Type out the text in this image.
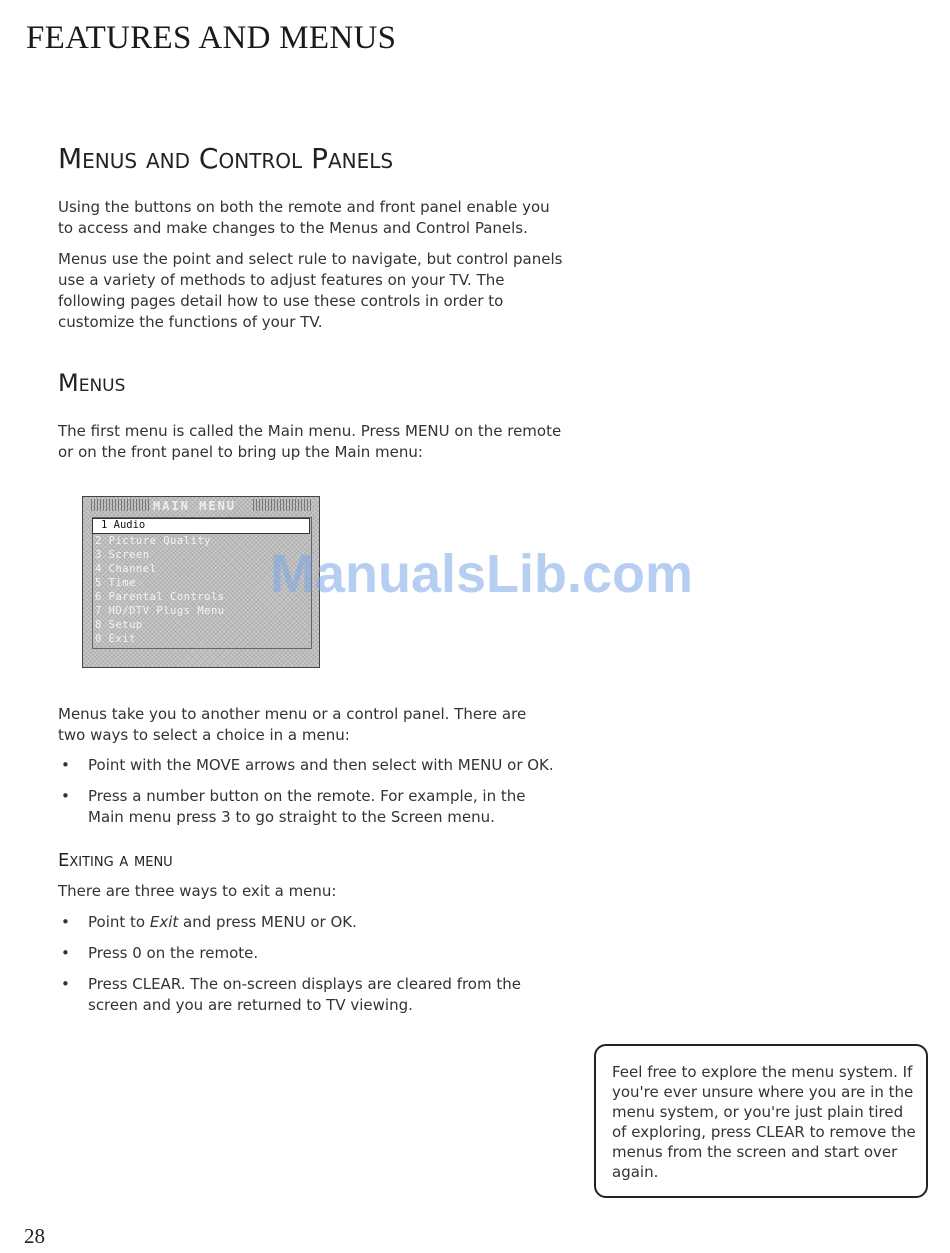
FEATURES AND MENUS
Menus and Control Panels
Using the buttons on both the remote and front panel enable you to access and make changes to the Menus and Control Panels.
Menus use the point and select rule to navigate, but control panels use a variety of methods to adjust features on your TV. The following pages detail how to use these controls in order to customize the functions of your TV.
Menus
The first menu is called the Main menu. Press MENU on the remote or on the front panel to bring up the Main menu:
MAIN MENU
1 Audio
2 Picture Quality
3 Screen
4 Channel
5 Time
6 Parental Controls
7 HD/DTV Plugs Menu
8 Setup
0 Exit
ManualsLib.com
Menus take you to another menu or a control panel. There are two ways to select a choice in a menu:
• Point with the MOVE arrows and then select with MENU or OK.
• Press a number button on the remote. For example, in the Main menu press 3 to go straight to the Screen menu.
Exiting a menu
There are three ways to exit a menu:
• Point to Exit and press MENU or OK.
• Press 0 on the remote.
• Press CLEAR. The on-screen displays are cleared from the screen and you are returned to TV viewing.
Feel free to explore the menu system. If you're ever unsure where you are in the menu system, or you're just plain tired of exploring, press CLEAR to remove the menus from the screen and start over again.
28
